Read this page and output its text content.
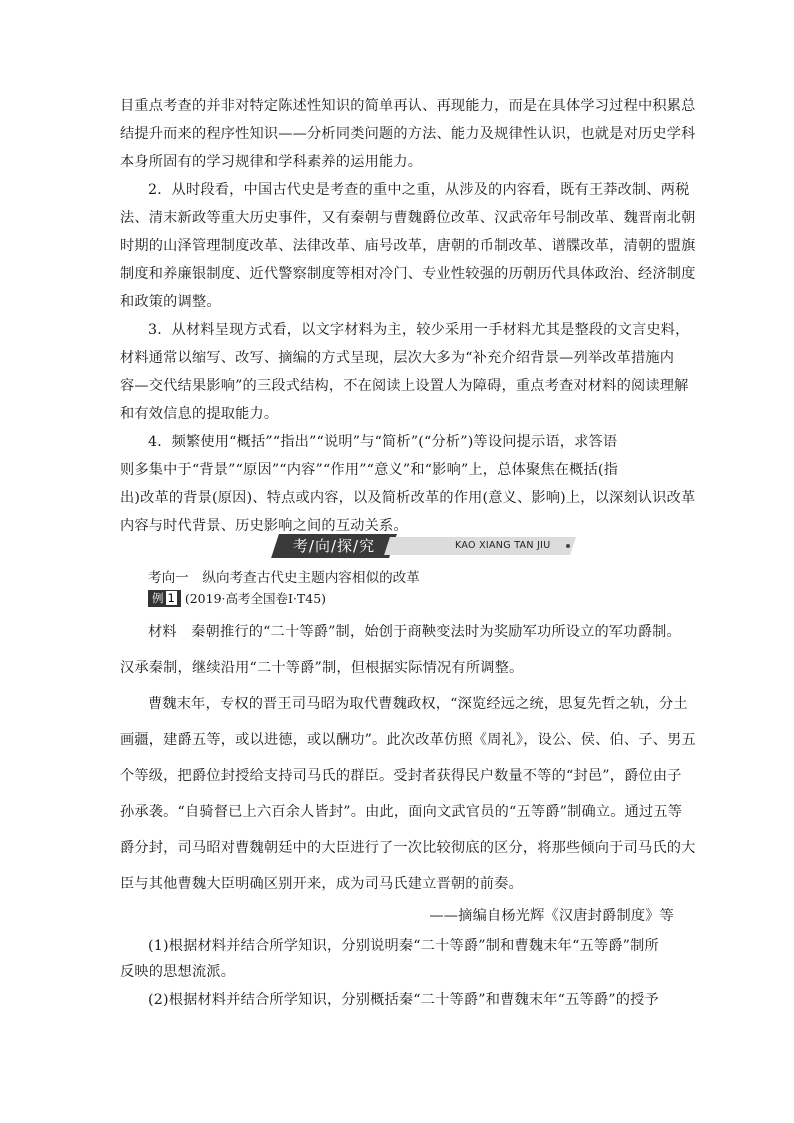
目重点考查的并非对特定陈述性知识的简单再认、再现能力，而是在具体学习过程中积累总
结提升而来的程序性知识——分析同类问题的方法、能力及规律性认识，也就是对历史学科
本身所固有的学习规律和学科素养的运用能力。
2．从时段看，中国古代史是考查的重中之重，从涉及的内容看，既有王莽改制、两税
法、清末新政等重大历史事件，又有秦朝与曹魏爵位改革、汉武帝年号制改革、魏晋南北朝
时期的山泽管理制度改革、法律改革、庙号改革，唐朝的币制改革、谱牒改革，清朝的盟旗
制度和养廉银制度、近代警察制度等相对冷门、专业性较强的历朝历代具体政治、经济制度
和政策的调整。
3．从材料呈现方式看，以文字材料为主，较少采用一手材料尤其是整段的文言史料，
材料通常以缩写、改写、摘编的方式呈现，层次大多为“补充介绍背景—列举改革措施内
容—交代结果影响”的三段式结构，不在阅读上设置人为障碍，重点考查对材料的阅读理解
和有效信息的提取能力。
4．频繁使用“概括”“指出”“说明”与“简析”(“分析”)等设问提示语，求答语
则多集中于“背景”“原因”“内容”“作用”“意义”和“影响”上，总体聚焦在概括(指
出)改革的背景(原因)、特点或内容，以及简析改革的作用(意义、影响)上，以深刻认识改革
内容与时代背景、历史影响之间的互动关系。
考/向/探/究	KAO XIANG TAN JIU
考向一　纵向考查古代史主题内容相似的改革
例 1 (2019·高考全国卷Ⅰ·T45)
材料　秦朝推行的“二十等爵”制，始创于商鞅变法时为奖励军功所设立的军功爵制。
汉承秦制，继续沿用“二十等爵”制，但根据实际情况有所调整。
曹魏末年，专权的晋王司马昭为取代曹魏政权，“深览经远之统，思复先哲之轨，分土
画疆，建爵五等，或以进德，或以酬功”。此次改革仿照《周礼》，设公、侯、伯、子、男五
个等级，把爵位封授给支持司马氏的群臣。受封者获得民户数量不等的“封邑”，爵位由子
孙承袭。“自骑督已上六百余人皆封”。由此，面向文武官员的“五等爵”制确立。通过五等
爵分封，司马昭对曹魏朝廷中的大臣进行了一次比较彻底的区分，将那些倾向于司马氏的大
臣与其他曹魏大臣明确区别开来，成为司马氏建立晋朝的前奏。
——摘编自杨光辉《汉唐封爵制度》等
(1)根据材料并结合所学知识，分别说明秦“二十等爵”制和曹魏末年“五等爵”制所
反映的思想流派。
(2)根据材料并结合所学知识，分别概括秦“二十等爵”和曹魏末年“五等爵”的授予
